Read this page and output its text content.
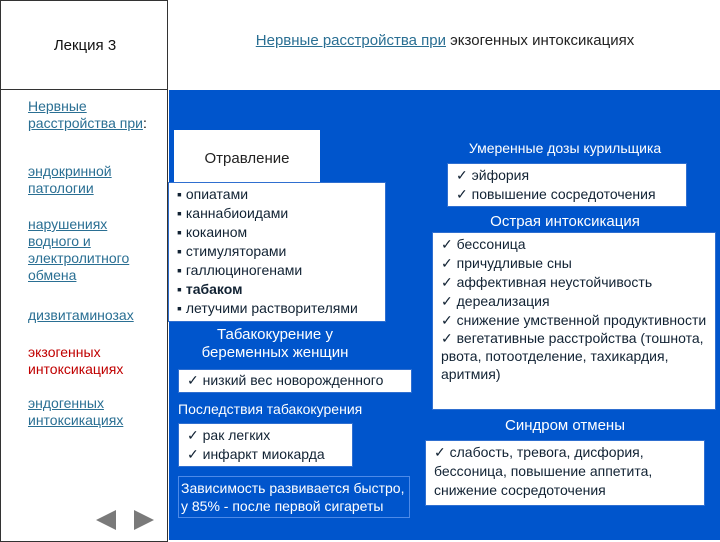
Лекция 3	Нервные расстройства при экзогенных интоксикациях
Нервные расстройства при:
эндокринной патологии
нарушениях водного и электролитного обмена
дизвитаминозах
экзогенных интоксикациях
эндогенных интоксикациях
Отравление
▪ опиатами
▪ каннабиоидами
▪ кокаином
▪ стимуляторами
▪ галлюциногенами
▪ табаком
▪ летучими растворителями
Табакокурение у беременных женщин
✓ низкий вес новорожденного
Последствия табакокурения
✓ рак легких
✓ инфаркт миокарда
Зависимость развивается быстро, у 85% - после первой сигареты
Умеренные дозы курильщика
✓ эйфория
✓ повышение сосредоточения
Острая интоксикация
✓ бессоница
✓ причудливые сны
✓ аффективная неустойчивость
✓ дереализация
✓ снижение умственной продуктивности
✓ вегетативные расстройства (тошнота, рвота, потоотделение, тахикардия, аритмия)
Синдром отмены
✓ слабость, тревога, дисфория, бессоница, повышение аппетита, снижение сосредоточения
